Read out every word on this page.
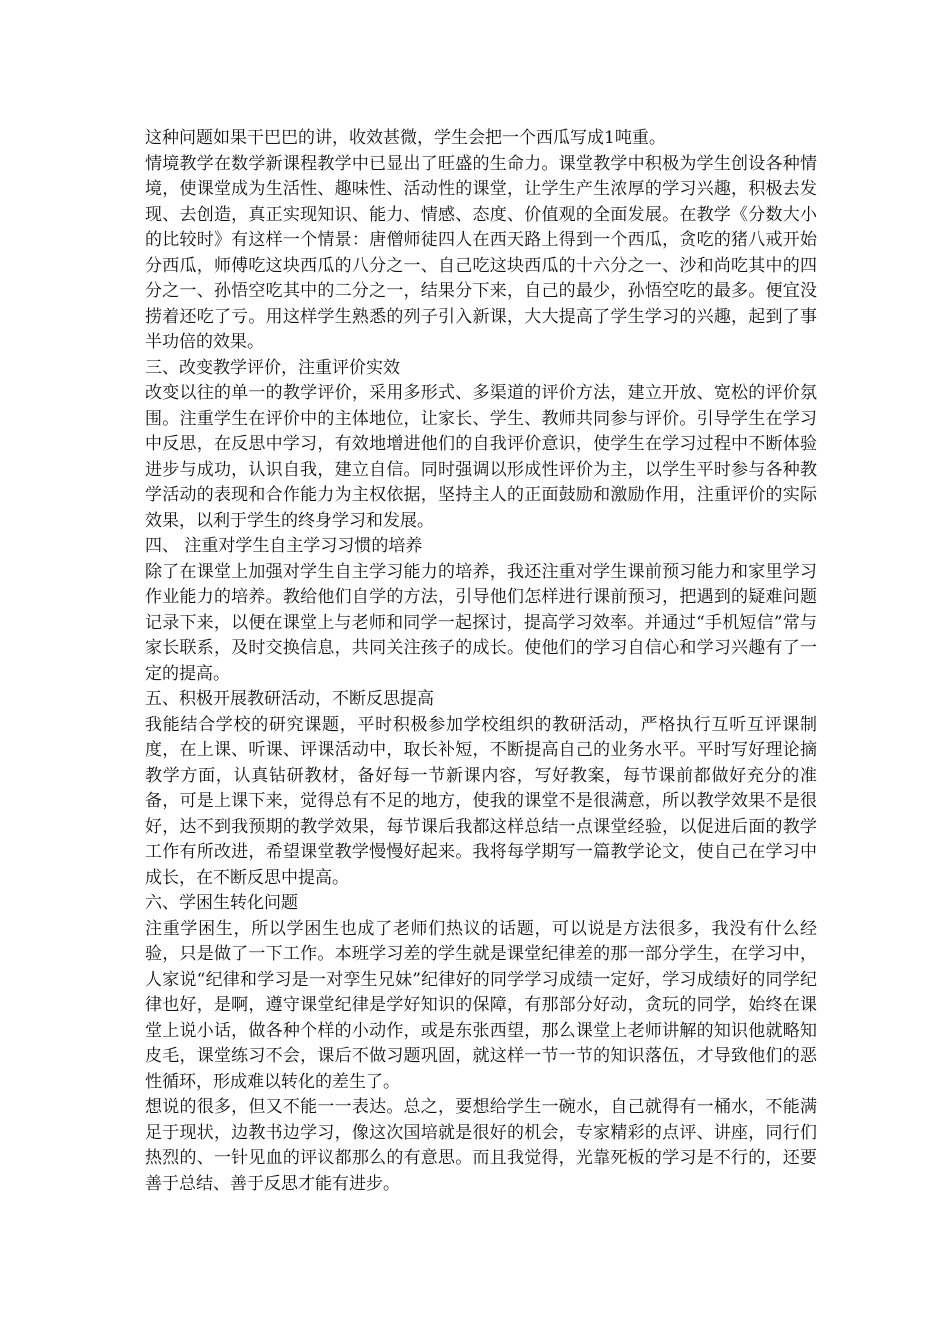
这种问题如果干巴巴的讲，收效甚微，学生会把一个西瓜写成1吨重。

情境教学在数学新课程教学中已显出了旺盛的生命力。课堂教学中积极为学生创设各种情境，使课堂成为生活性、趣味性、活动性的课堂，让学生产生浓厚的学习兴趣，积极去发现、去创造，真正实现知识、能力、情感、态度、价值观的全面发展。在教学《分数大小的比较时》有这样一个情景：唐僧师徒四人在西天路上得到一个西瓜，贪吃的猪八戒开始分西瓜，师傅吃这块西瓜的八分之一、自己吃这块西瓜的十六分之一、沙和尚吃其中的四分之一、孙悟空吃其中的二分之一，结果分下来，自己的最少，孙悟空吃的最多。便宜没捞着还吃了亏。用这样学生熟悉的列子引入新课，大大提高了学生学习的兴趣，起到了事半功倍的效果。

三、改变教学评价，注重评价实效

改变以往的单一的教学评价，采用多形式、多渠道的评价方法，建立开放、宽松的评价氛围。注重学生在评价中的主体地位，让家长、学生、教师共同参与评价。引导学生在学习中反思，在反思中学习，有效地增进他们的自我评价意识，使学生在学习过程中不断体验进步与成功，认识自我，建立自信。同时强调以形成性评价为主，以学生平时参与各种教学活动的表现和合作能力为主权依据，坚持主人的正面鼓励和激励作用，注重评价的实际效果，以利于学生的终身学习和发展。

四、 注重对学生自主学习习惯的培养

除了在课堂上加强对学生自主学习能力的培养，我还注重对学生课前预习能力和家里学习作业能力的培养。教给他们自学的方法，引导他们怎样进行课前预习，把遇到的疑难问题记录下来，以便在课堂上与老师和同学一起探讨，提高学习效率。并通过“手机短信”常与家长联系，及时交换信息，共同关注孩子的成长。使他们的学习自信心和学习兴趣有了一定的提高。

五、积极开展教研活动，不断反思提高

我能结合学校的研究课题，平时积极参加学校组织的教研活动，严格执行互听互评课制度，在上课、听课、评课活动中，取长补短，不断提高自己的业务水平。平时写好理论摘教学方面，认真钻研教材，备好每一节新课内容，写好教案，每节课前都做好充分的准备，可是上课下来，觉得总有不足的地方，使我的课堂不是很满意，所以教学效果不是很好，达不到我预期的教学效果，每节课后我都这样总结一点课堂经验，以促进后面的教学工作有所改进，希望课堂教学慢慢好起来。我将每学期写一篇教学论文，使自己在学习中成长，在不断反思中提高。

六、学困生转化问题

注重学困生，所以学困生也成了老师们热议的话题，可以说是方法很多，我没有什么经验，只是做了一下工作。本班学习差的学生就是课堂纪律差的那一部分学生，在学习中，人家说“纪律和学习是一对孪生兄妹”纪律好的同学学习成绩一定好，学习成绩好的同学纪律也好，是啊，遵守课堂纪律是学好知识的保障，有那部分好动，贪玩的同学，始终在课堂上说小话，做各种个样的小动作，或是东张西望，那么课堂上老师讲解的知识他就略知皮毛，课堂练习不会，课后不做习题巩固，就这样一节一节的知识落伍，才导致他们的恶性循环，形成难以转化的差生了。

想说的很多，但又不能一一表达。总之，要想给学生一碗水，自己就得有一桶水，不能满足于现状，边教书边学习，像这次国培就是很好的机会，专家精彩的点评、讲座，同行们热烈的、一针见血的评议都那么的有意思。而且我觉得，光靠死板的学习是不行的，还要善于总结、善于反思才能有进步。
